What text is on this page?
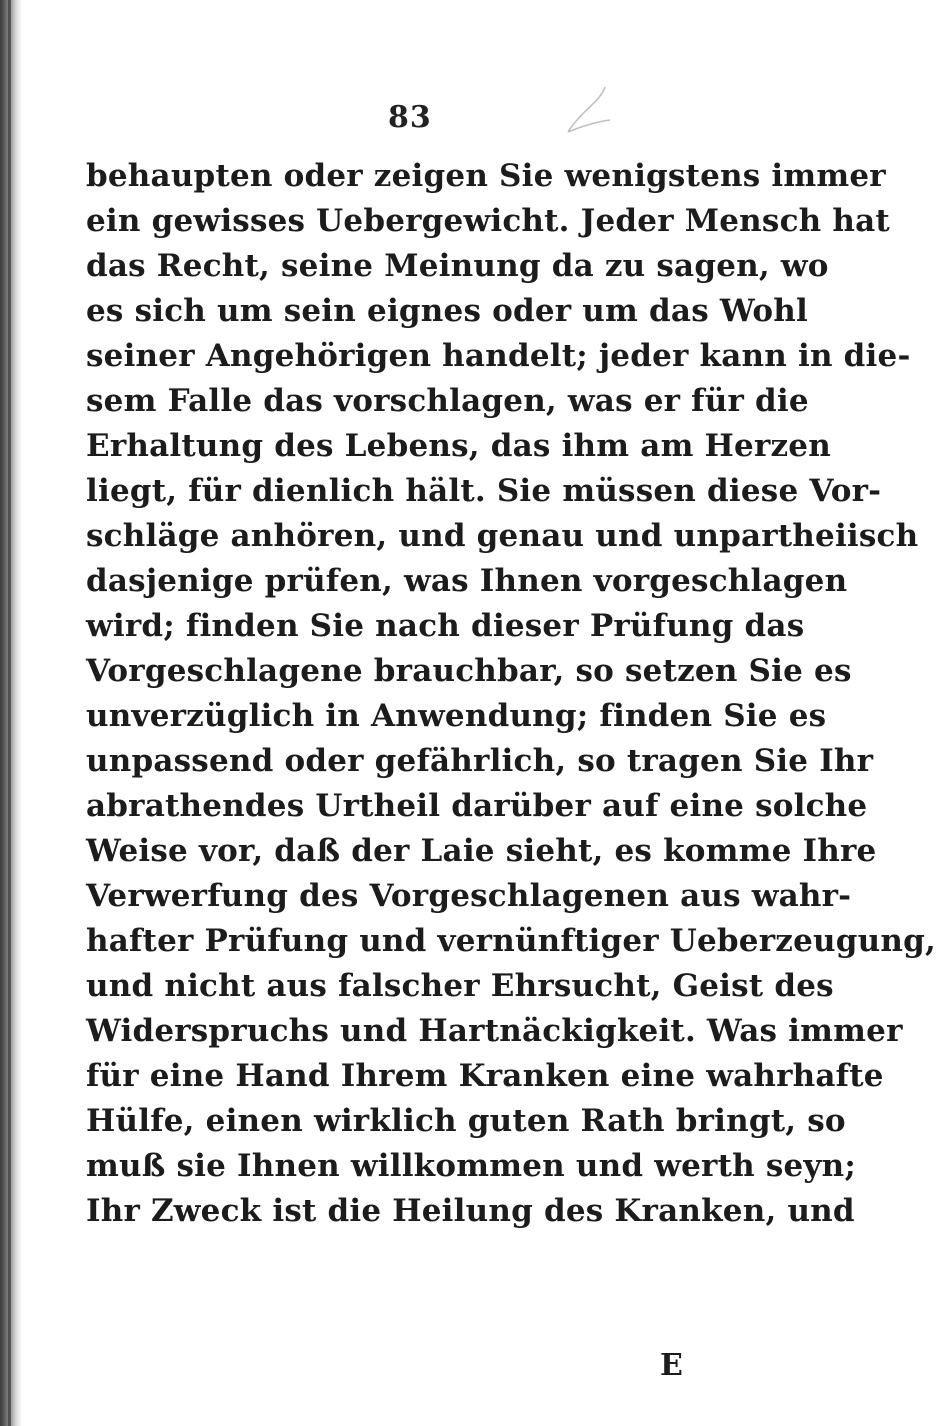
83
behaupten oder zeigen Sie wenigstens immer
ein gewisses Uebergewicht. Jeder Mensch hat
das Recht, seine Meinung da zu sagen, wo
es sich um sein eignes oder um das Wohl
seiner Angehörigen handelt; jeder kann in die-
sem Falle das vorschlagen, was er für die
Erhaltung des Lebens, das ihm am Herzen
liegt, für dienlich hält. Sie müssen diese Vor-
schläge anhören, und genau und unpartheiisch
dasjenige prüfen, was Ihnen vorgeschlagen
wird; finden Sie nach dieser Prüfung das
Vorgeschlagene brauchbar, so setzen Sie es
unverzüglich in Anwendung; finden Sie es
unpassend oder gefährlich, so tragen Sie Ihr
abrathendes Urtheil darüber auf eine solche
Weise vor, daß der Laie sieht, es komme Ihre
Verwerfung des Vorgeschlagenen aus wahr-
hafter Prüfung und vernünftiger Ueberzeugung,
und nicht aus falscher Ehrsucht, Geist des
Widerspruchs und Hartnäckigkeit. Was immer
für eine Hand Ihrem Kranken eine wahrhafte
Hülfe, einen wirklich guten Rath bringt, so
muß sie Ihnen willkommen und werth seyn;
Ihr Zweck ist die Heilung des Kranken, und
E
